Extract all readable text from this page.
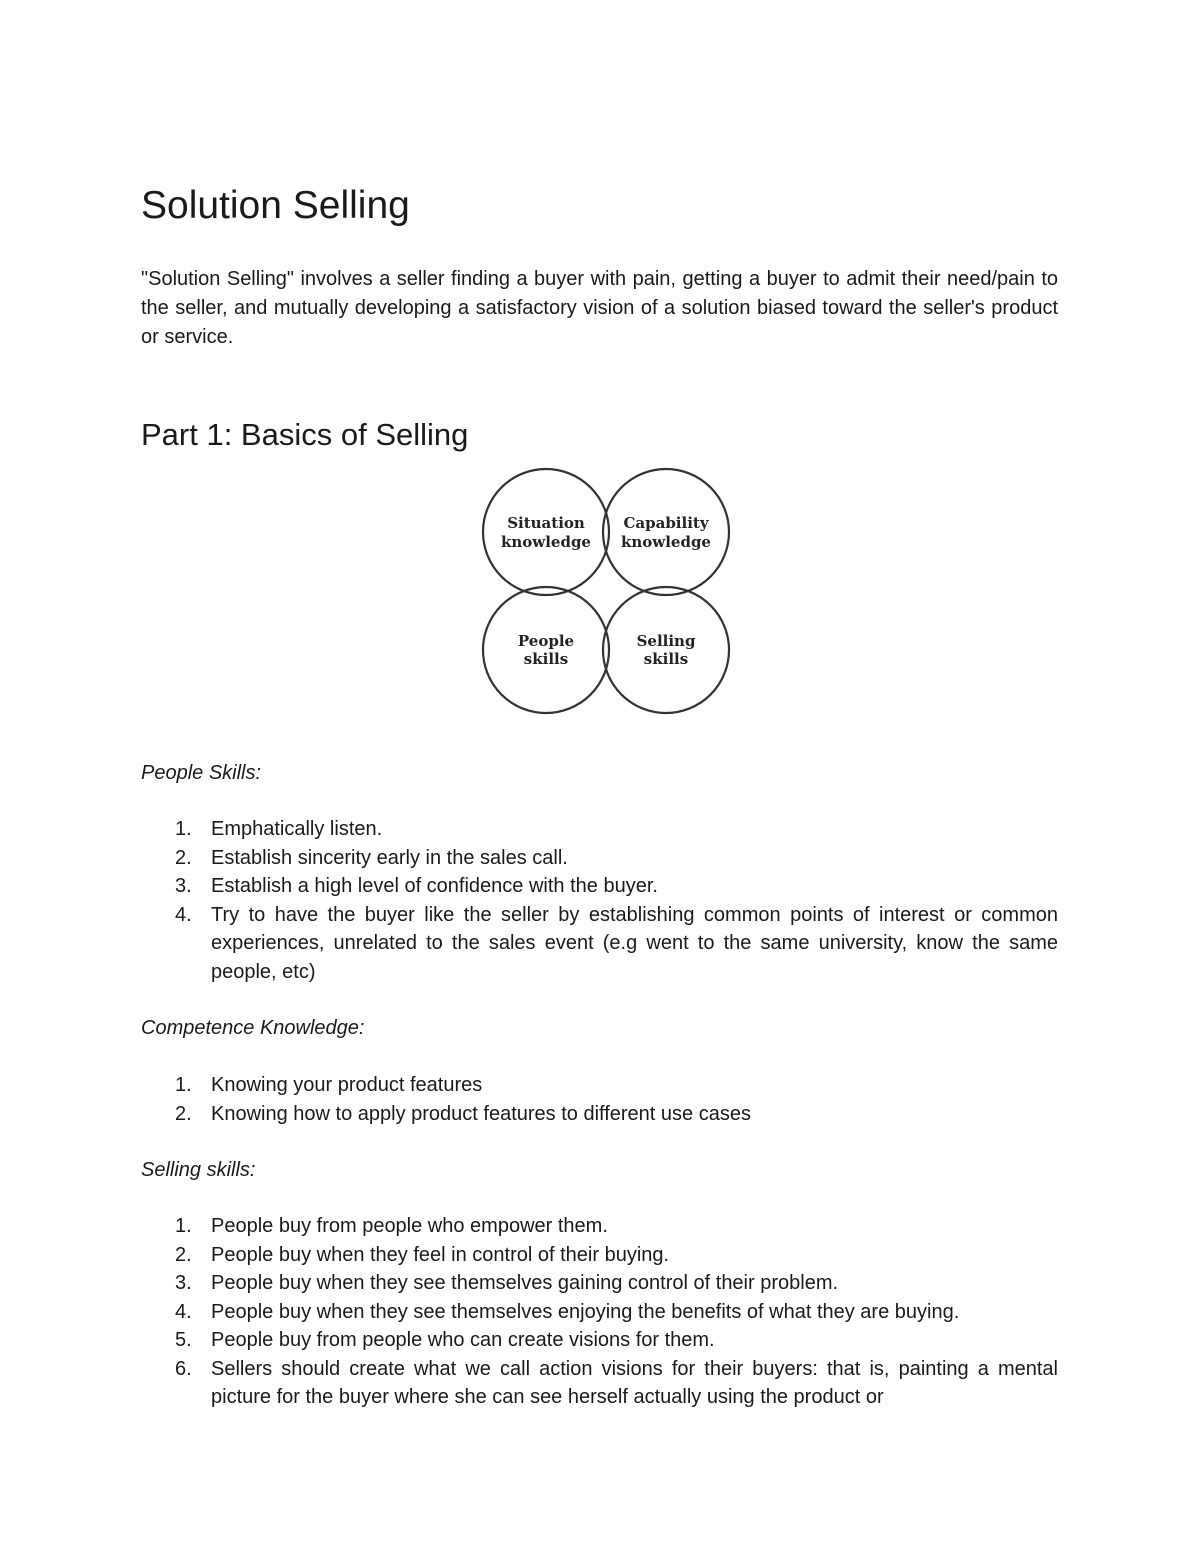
Solution Selling

"Solution Selling" involves a seller finding a buyer with pain, getting a buyer to admit their need/pain to the seller, and mutually developing a satisfactory vision of a solution biased toward the seller's product or service.

Part 1: Basics of Selling
Situation
knowledge
Capability
knowledge
People
skills
Selling
skills

People Skills:

1. Emphatically listen.
2. Establish sincerity early in the sales call.
3. Establish a high level of confidence with the buyer.
4. Try to have the buyer like the seller by establishing common points of interest or common experiences, unrelated to the sales event (e.g went to the same university, know the same people, etc)

Competence Knowledge:

1. Knowing your product features
2. Knowing how to apply product features to different use cases

Selling skills:

1. People buy from people who empower them.
2. People buy when they feel in control of their buying.
3. People buy when they see themselves gaining control of their problem.
4. People buy when they see themselves enjoying the benefits of what they are buying.
5. People buy from people who can create visions for them.
6. Sellers should create what we call action visions for their buyers: that is, painting a mental picture for the buyer where she can see herself actually using the product or
